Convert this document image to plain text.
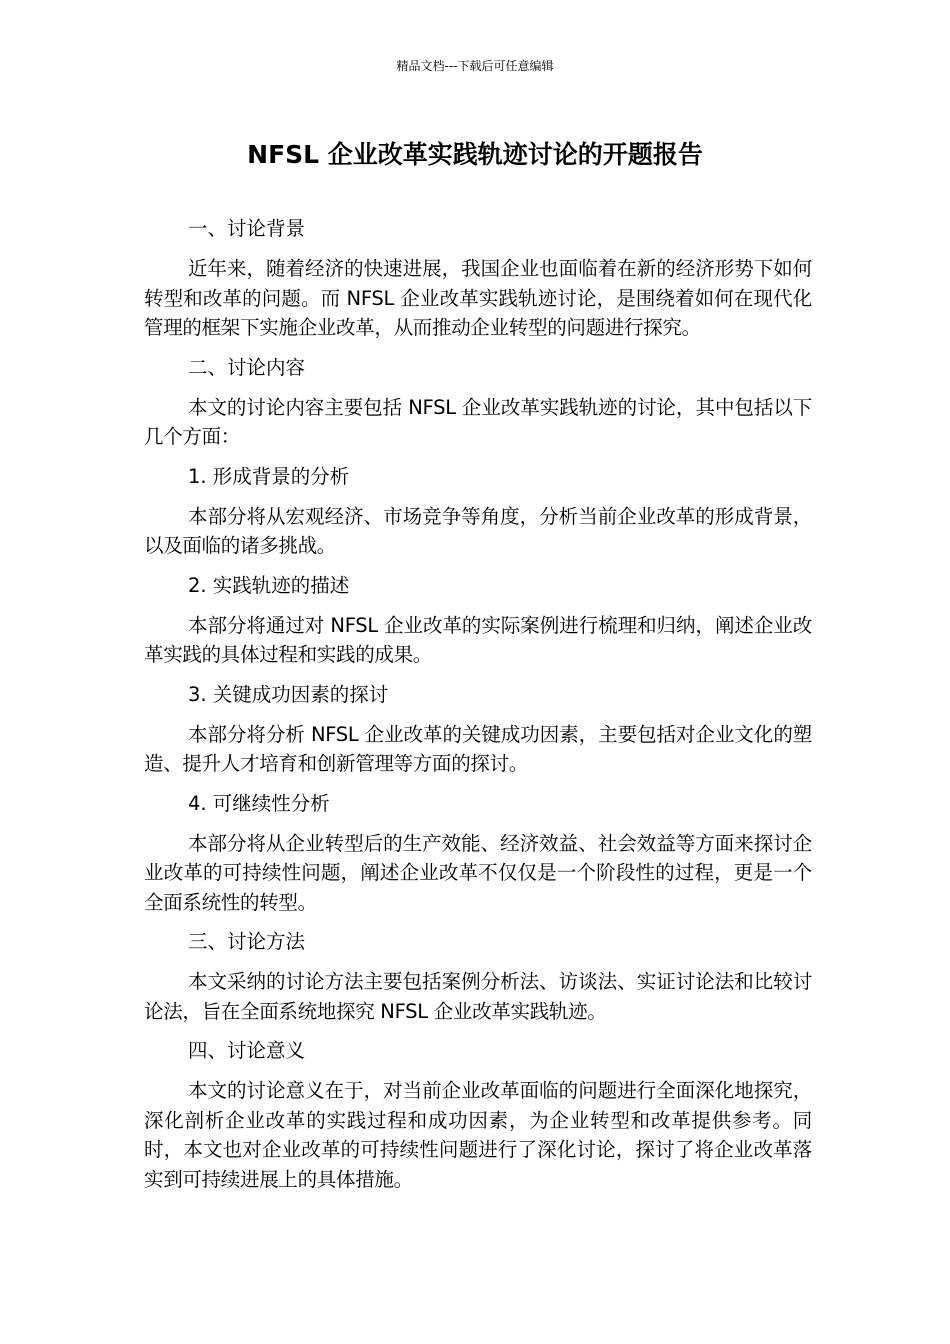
精品文档---下载后可任意编辑
NFSL 企业改革实践轨迹讨论的开题报告

一、讨论背景

近年来，随着经济的快速进展，我国企业也面临着在新的经济形势下如何转型和改革的问题。而 NFSL 企业改革实践轨迹讨论，是围绕着如何在现代化管理的框架下实施企业改革，从而推动企业转型的问题进行探究。

二、讨论内容

本文的讨论内容主要包括 NFSL 企业改革实践轨迹的讨论，其中包括以下几个方面：

1. 形成背景的分析

本部分将从宏观经济、市场竞争等角度，分析当前企业改革的形成背景，以及面临的诸多挑战。

2. 实践轨迹的描述

本部分将通过对 NFSL 企业改革的实际案例进行梳理和归纳，阐述企业改革实践的具体过程和实践的成果。

3. 关键成功因素的探讨

本部分将分析 NFSL 企业改革的关键成功因素，主要包括对企业文化的塑造、提升人才培育和创新管理等方面的探讨。

4. 可继续性分析

本部分将从企业转型后的生产效能、经济效益、社会效益等方面来探讨企业改革的可持续性问题，阐述企业改革不仅仅是一个阶段性的过程，更是一个全面系统性的转型。

三、讨论方法

本文采纳的讨论方法主要包括案例分析法、访谈法、实证讨论法和比较讨论法，旨在全面系统地探究 NFSL 企业改革实践轨迹。

四、讨论意义

本文的讨论意义在于，对当前企业改革面临的问题进行全面深化地探究，深化剖析企业改革的实践过程和成功因素，为企业转型和改革提供参考。同时，本文也对企业改革的可持续性问题进行了深化讨论，探讨了将企业改革落实到可持续进展上的具体措施。
